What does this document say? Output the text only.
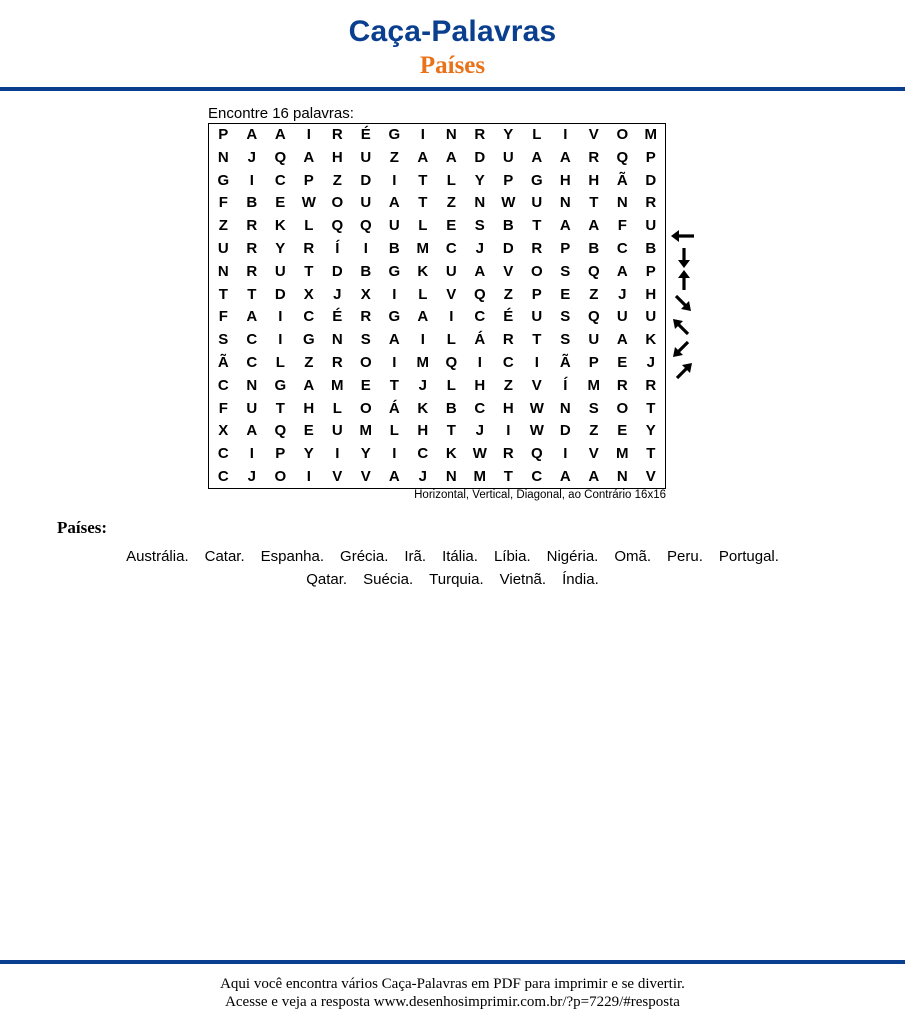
Caça-Palavras
Países
Encontre 16 palavras:
P	A	A	I	R	É	G	I	N	R	Y	L	I	V	O	M
N	J	Q	A	H	U	Z	A	A	D	U	A	A	R	Q	P
G	I	C	P	Z	D	I	T	L	Y	P	G	H	H	Ã	D
F	B	E	W	O	U	A	T	Z	N	W	U	N	T	N	R
Z	R	K	L	Q	Q	U	L	E	S	B	T	A	A	F	U
U	R	Y	R	Í	I	B	M	C	J	D	R	P	B	C	B
N	R	U	T	D	B	G	K	U	A	V	O	S	Q	A	P
T	T	D	X	J	X	I	L	V	Q	Z	P	E	Z	J	H
F	A	I	C	É	R	G	A	I	C	É	U	S	Q	U	U
S	C	I	G	N	S	A	I	L	Á	R	T	S	U	A	K
Ã	C	L	Z	R	O	I	M	Q	I	C	I	Ã	P	E	J
C	N	G	A	M	E	T	J	L	H	Z	V	Í	M	R	R
F	U	T	H	L	O	Á	K	B	C	H	W	N	S	O	T
X	A	Q	E	U	M	L	H	T	J	I	W	D	Z	E	Y
C	I	P	Y	I	Y	I	C	K	W	R	Q	I	V	M	T
C	J	O	I	V	V	A	J	N	M	T	C	A	A	N	V
Horizontal, Vertical, Diagonal, ao Contrário 16x16
Países:
Austrália. Catar. Espanha. Grécia. Irã. Itália. Líbia. Nigéria. Omã. Peru. Portugal.
Qatar. Suécia. Turquia. Vietnã. Índia.
Aqui você encontra vários Caça-Palavras em PDF para imprimir e se divertir.
Acesse e veja a resposta www.desenhosimprimir.com.br/?p=7229/#resposta
